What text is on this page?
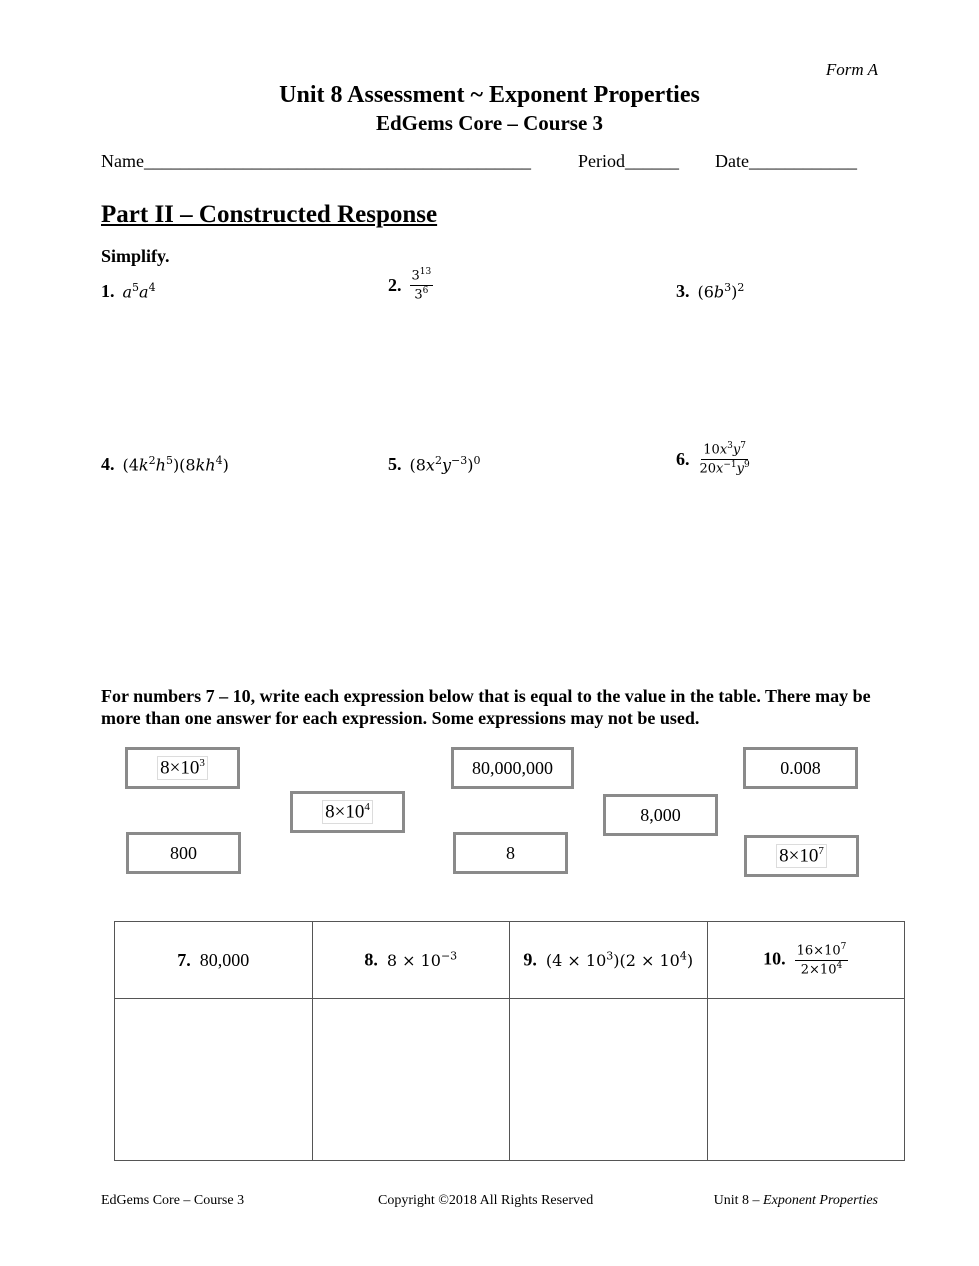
Form A
Unit 8 Assessment ~ Exponent Properties
EdGems Core – Course 3
Name___________________________________________	Period______ Date____________
Part II – Constructed Response
Simplify.
1. $a^5a^4$	2. $\frac{3^{13}}{3^6}$	3. $(6b^3)^2$
4. $(4k^2h^5)(8kh^4)$	5. $(8x^2y^{-3})^0$	6. $\frac{10x^3y^7}{20x^{-1}y^9}$
For numbers 7 – 10, write each expression below that is equal to the value in the table. There may be more than one answer for each expression. Some expressions may not be used.
$8\times 10^3$	80,000,000	0.008
$8\times 10^4$	8,000
800	8	$8\times 10^7$
7. 80,000	8. $8 \times 10^{-3}$	9. $(4 \times 10^3)(2 \times 10^4)$	10. $\frac{16\times 10^7}{2\times 10^4}$

EdGems Core – Course 3	Copyright ©2018 All Rights Reserved	Unit 8 – Exponent Properties
